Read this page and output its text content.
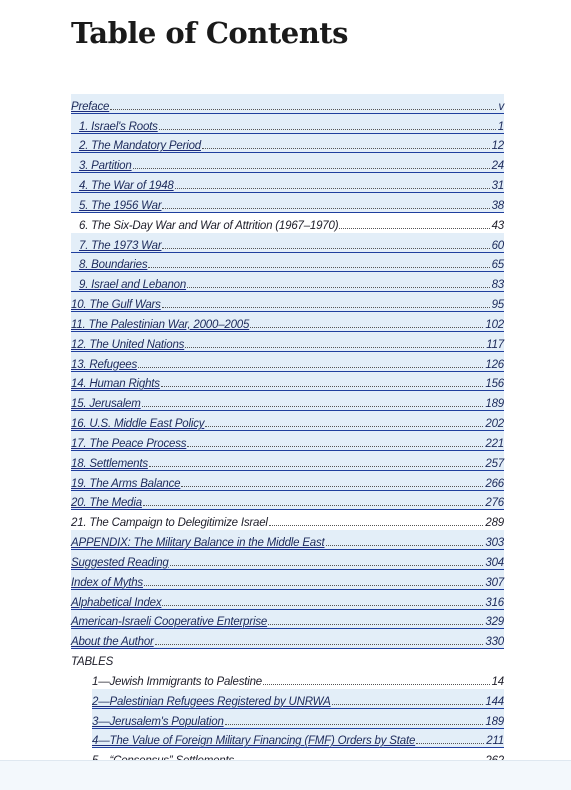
Table of Contents
Preface	v
1. Israel's Roots	1
2. The Mandatory Period	12
3. Partition	24
4. The War of 1948	31
5. The 1956 War	38
6. The Six-Day War and War of Attrition (1967–1970)	43
7. The 1973 War	60
8. Boundaries	65
9. Israel and Lebanon	83
10. The Gulf Wars	95
11. The Palestinian War, 2000–2005	102
12. The United Nations	117
13. Refugees	126
14. Human Rights	156
15. Jerusalem	189
16. U.S. Middle East Policy	202
17. The Peace Process	221
18. Settlements	257
19. The Arms Balance	266
20. The Media	276
21. The Campaign to Delegitimize Israel	289
APPENDIX: The Military Balance in the Middle East	303
Suggested Reading	304
Index of Myths	307
Alphabetical Index	316
American-Israeli Cooperative Enterprise	329
About the Author	330
TABLES
1—Jewish Immigrants to Palestine	14
2—Palestinian Refugees Registered by UNRWA	144
3—Jerusalem's Population	189
4—The Value of Foreign Military Financing (FMF) Orders by State	211
